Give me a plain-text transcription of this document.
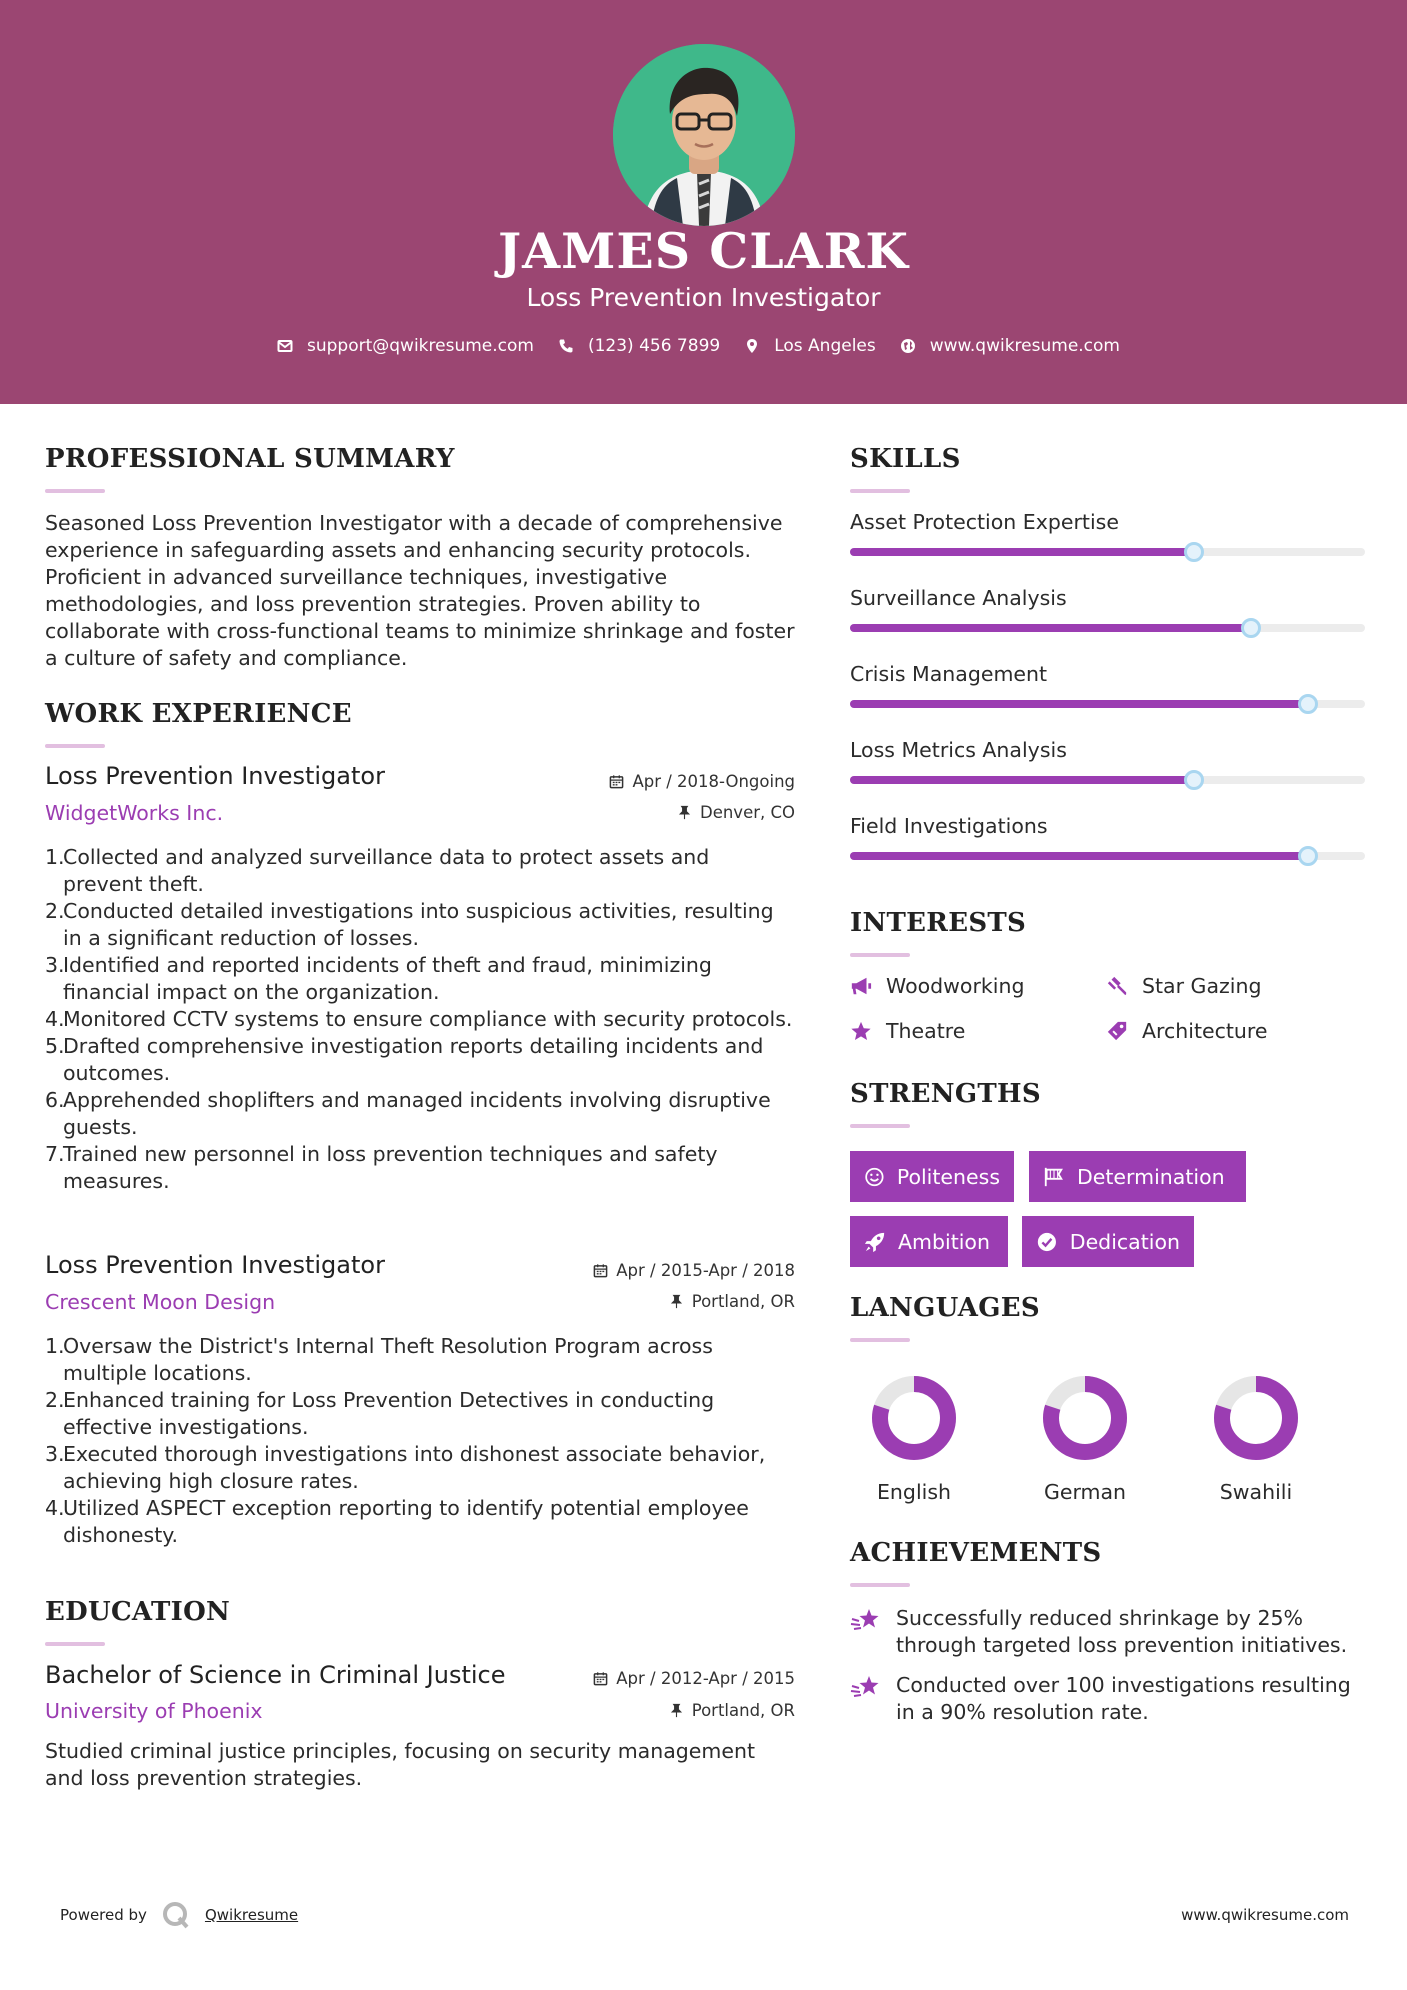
JAMES CLARK
Loss Prevention Investigator
support@qwikresume.com	(123) 456 7899	Los Angeles	www.qwikresume.com
PROFESSIONAL SUMMARY
Seasoned Loss Prevention Investigator with a decade of comprehensive experience in safeguarding assets and enhancing security protocols. Proficient in advanced surveillance techniques, investigative methodologies, and loss prevention strategies. Proven ability to collaborate with cross-functional teams to minimize shrinkage and foster a culture of safety and compliance.
WORK EXPERIENCE
Loss Prevention Investigator	Apr / 2018-Ongoing
WidgetWorks Inc.	Denver, CO
1.
Collected and analyzed surveillance data to protect assets and prevent theft.
2.
Conducted detailed investigations into suspicious activities, resulting in a significant reduction of losses.
3.
Identified and reported incidents of theft and fraud, minimizing financial impact on the organization.
4.
Monitored CCTV systems to ensure compliance with security protocols.
5.
Drafted comprehensive investigation reports detailing incidents and outcomes.
6.
Apprehended shoplifters and managed incidents involving disruptive guests.
7.
Trained new personnel in loss prevention techniques and safety measures.
Loss Prevention Investigator	Apr / 2015-Apr / 2018
Crescent Moon Design	Portland, OR
1.
Oversaw the District's Internal Theft Resolution Program across multiple locations.
2.
Enhanced training for Loss Prevention Detectives in conducting effective investigations.
3.
Executed thorough investigations into dishonest associate behavior, achieving high closure rates.
4.
Utilized ASPECT exception reporting to identify potential employee dishonesty.
EDUCATION
Bachelor of Science in Criminal Justice	Apr / 2012-Apr / 2015
University of Phoenix	Portland, OR
Studied criminal justice principles, focusing on security management and loss prevention strategies.
SKILLS
Asset Protection Expertise
Surveillance Analysis
Crisis Management
Loss Metrics Analysis
Field Investigations
INTERESTS
Woodworking	Star Gazing
Theatre	Architecture
STRENGTHS
Politeness	Determination
Ambition	Dedication
LANGUAGES
English	German	Swahili
ACHIEVEMENTS
Successfully reduced shrinkage by 25% through targeted loss prevention initiatives.
Conducted over 100 investigations resulting in a 90% resolution rate.
Powered by	Qwikresume	www.qwikresume.com
